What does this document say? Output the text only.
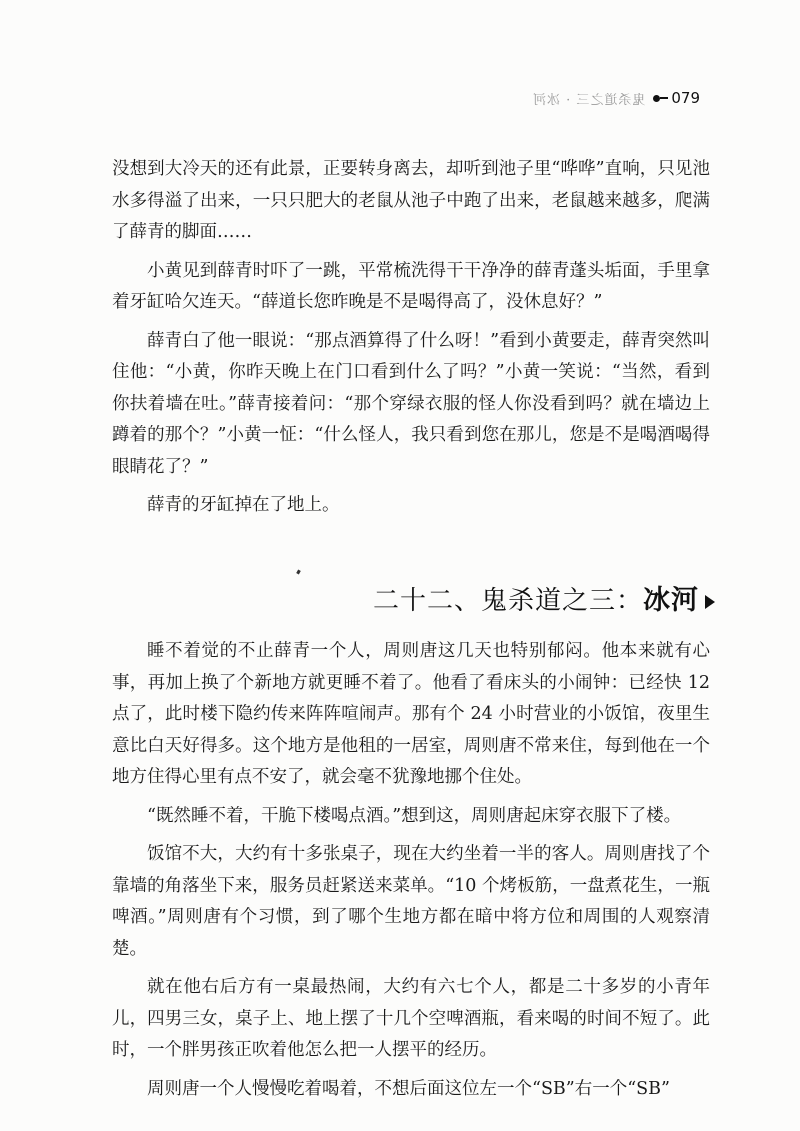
鬼杀道之三 · 冰河 079

没想到大冷天的还有此景，正要转身离去，却听到池子里“哗哗”直响，只见池水多得溢了出来，一只只肥大的老鼠从池子中跑了出来，老鼠越来越多，爬满了薛青的脚面……

小黄见到薛青时吓了一跳，平常梳洗得干干净净的薛青蓬头垢面，手里拿着牙缸哈欠连天。“薛道长您昨晚是不是喝得高了，没休息好？”

薛青白了他一眼说：“那点酒算得了什么呀！”看到小黄要走，薛青突然叫住他：“小黄，你昨天晚上在门口看到什么了吗？”小黄一笑说：“当然，看到你扶着墙在吐。”薛青接着问：“那个穿绿衣服的怪人你没看到吗？就在墙边上蹲着的那个？”小黄一怔：“什么怪人，我只看到您在那儿，您是不是喝酒喝得眼睛花了？”

薛青的牙缸掉在了地上。

二十二、鬼杀道之三：冰河

睡不着觉的不止薛青一个人，周则唐这几天也特别郁闷。他本来就有心事，再加上换了个新地方就更睡不着了。他看了看床头的小闹钟：已经快 12 点了，此时楼下隐约传来阵阵喧闹声。那有个 24 小时营业的小饭馆，夜里生意比白天好得多。这个地方是他租的一居室，周则唐不常来住，每到他在一个地方住得心里有点不安了，就会毫不犹豫地挪个住处。

“既然睡不着，干脆下楼喝点酒。”想到这，周则唐起床穿衣服下了楼。

饭馆不大，大约有十多张桌子，现在大约坐着一半的客人。周则唐找了个靠墙的角落坐下来，服务员赶紧送来菜单。“10 个烤板筋，一盘煮花生，一瓶啤酒。”周则唐有个习惯，到了哪个生地方都在暗中将方位和周围的人观察清楚。

就在他右后方有一桌最热闹，大约有六七个人，都是二十多岁的小青年儿，四男三女，桌子上、地上摆了十几个空啤酒瓶，看来喝的时间不短了。此时，一个胖男孩正吹着他怎么把一人摆平的经历。

周则唐一个人慢慢吃着喝着，不想后面这位左一个“SB”右一个“SB”
